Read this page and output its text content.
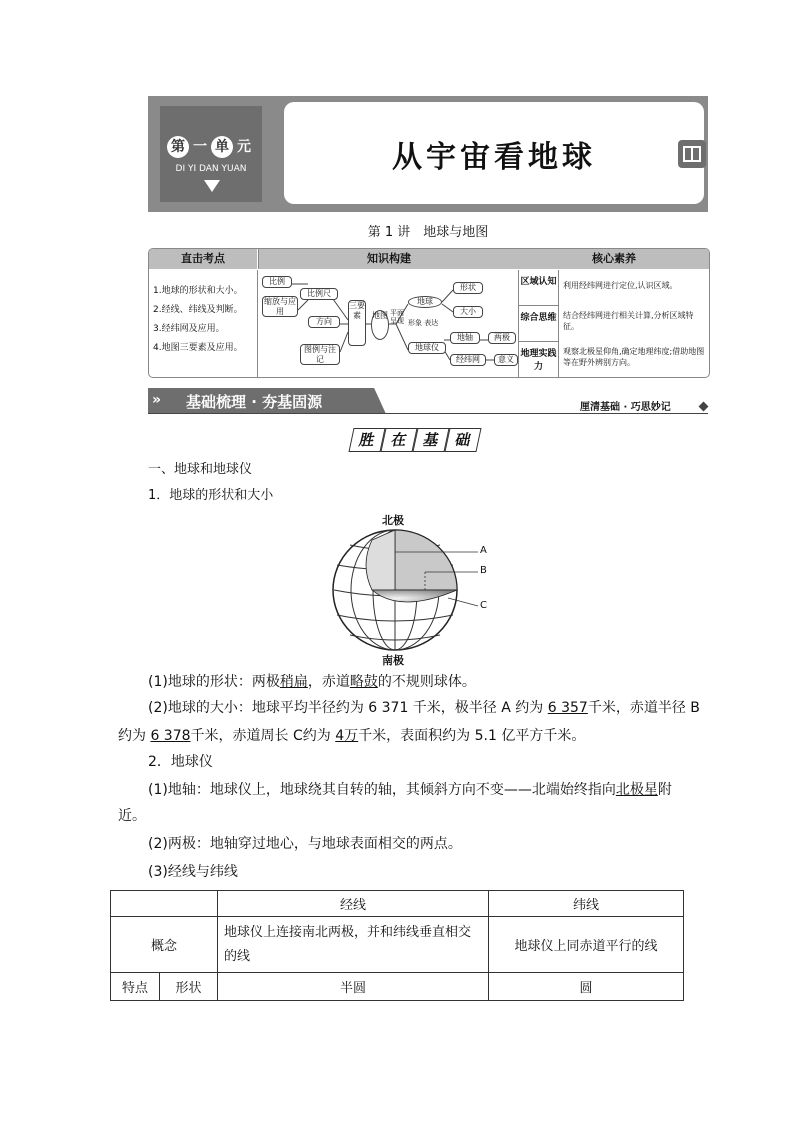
第 一 单 元
DI YI DAN YUAN	从宇宙看地球
第 1 讲　地球与地图
直击考点	知识构建	核心素养
1.地球的形状和大小。
2.经线、纬线及判断。
3.经纬网及应用。
4.地图三要素及应用。
比例
缩放与应用
比例尺
方向
图例与注记
三要素	地图 平面呈现 形象 表达
地球
形状
大小
地球仪
地轴	两极
经纬网	意义
区域认知 利用经纬网进行定位,认识区域。
综合思维 结合经纬网进行相关计算,分析区域特征。
地理实践力
观察北极星仰角,确定地理纬度;借助地图等在野外辨别方向。
» 基础梳理 · 夯基固源	厘清基础 · 巧思妙记
胜 在 基 础
一、地球和地球仪
1．地球的形状和大小
北极
南极
A
B
C
(1)地球的形状：两极稍扁，赤道略鼓的不规则球体。
(2)地球的大小：地球平均半径约为 6 371 千米，极半径 A 约为 6 357千米，赤道半径 B
约为 6 378千米，赤道周长 C约为 4万千米，表面积约为 5.1 亿平方千米。
2．地球仪
(1)地轴：地球仪上，地球绕其自转的轴，其倾斜方向不变——北端始终指向北极星附
近。
(2)两极：地轴穿过地心，与地球表面相交的两点。
(3)经线与纬线
		经线	纬线
概念		地球仪上连接南北两极，并和纬线垂直相交的线	地球仪上同赤道平行的线
特点	形状	半圆	圆
